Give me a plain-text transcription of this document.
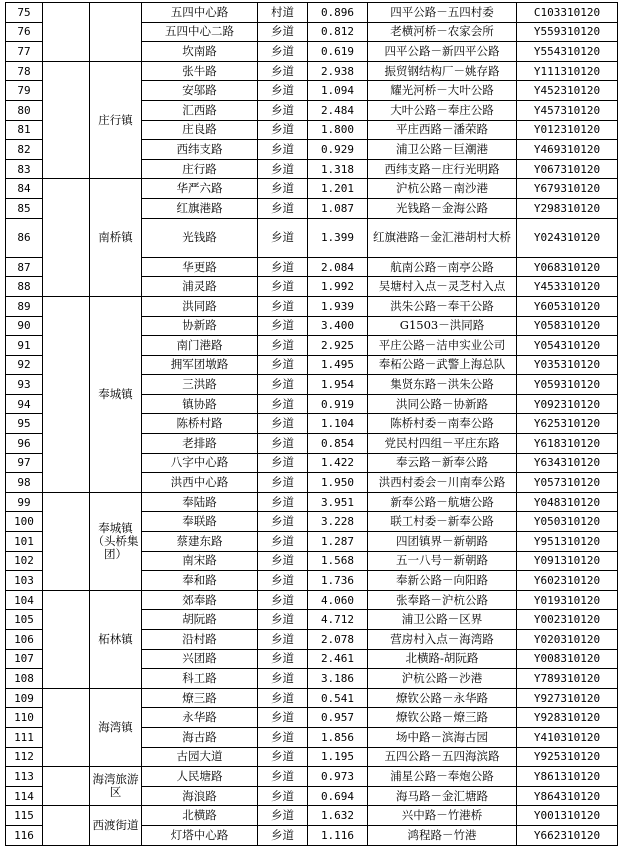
75			五四中心路	村道	0.896	四平公路－五四村委	C103310120
76			五四中心二路	乡道	0.812	老横河桥－农家会所	Y559310120
77			坎南路	乡道	0.619	四平公路－新四平公路	Y554310120
78		庄行镇	张牛路	乡道	2.938	振贸钢结构厂－姚存路	Y111310120
79			安邬路	乡道	1.094	耀光河桥－大叶公路	Y452310120
80			汇西路	乡道	2.484	大叶公路－奉庄公路	Y457310120
81			庄良路	乡道	1.800	平庄西路－潘荣路	Y012310120
82			西纬支路	乡道	0.929	浦卫公路－巨潮港	Y469310120
83			庄行路	乡道	1.318	西纬支路－庄行光明路	Y067310120
84		南桥镇	华严六路	乡道	1.201	沪杭公路－南沙港	Y679310120
85			红旗港路	乡道	1.087	光钱路－金海公路	Y298310120
86			光钱路	乡道	1.399	红旗港路－金汇港胡村大桥	Y024310120
87			华更路	乡道	2.084	航南公路－南亭公路	Y068310120
88			浦灵路	乡道	1.992	吴塘村入点－灵芝村入点	Y453310120
89		奉城镇	洪同路	乡道	1.939	洪朱公路－奉干公路	Y605310120
90			协新路	乡道	3.400	G1503－洪同路	Y058310120
91			南门港路	乡道	2.925	平庄公路－洁申实业公司	Y054310120
92			拥军团墩路	乡道	1.495	奉柘公路－武警上海总队	Y035310120
93			三洪路	乡道	1.954	集贤东路－洪朱公路	Y059310120
94			镇协路	乡道	0.919	洪同公路－协新路	Y092310120
95			陈桥村路	乡道	1.104	陈桥村委－南奉公路	Y625310120
96			老排路	乡道	0.854	党民村四组－平庄东路	Y618310120
97			八字中心路	乡道	1.422	奉云路－新奉公路	Y634310120
98			洪西中心路	乡道	1.950	洪西村委会－川南奉公路	Y057310120
99		奉城镇（头桥集团）	奉陆路	乡道	3.951	新奉公路－航塘公路	Y048310120
100			奉联路	乡道	3.228	联工村委－新奉公路	Y050310120
101			蔡建东路	乡道	1.287	四团镇界－新朝路	Y951310120
102			南宋路	乡道	1.568	五一八号－新朝路	Y091310120
103			奉和路	乡道	1.736	奉新公路－向阳路	Y602310120
104		柘林镇	郊奉路	乡道	4.060	张奉路－沪杭公路	Y019310120
105			胡阮路	乡道	4.712	浦卫公路－区界	Y002310120
106			沿村路	乡道	2.078	营房村入点－海湾路	Y020310120
107			兴团路	乡道	2.461	北横路-胡阮路	Y008310120
108			科工路	乡道	3.186	沪杭公路－沙港	Y789310120
109		海湾镇	燎三路	乡道	0.541	燎钦公路－永华路	Y927310120
110			永华路	乡道	0.957	燎钦公路－燎三路	Y928310120
111			海古路	乡道	1.856	场中路－滨海古园	Y410310120
112			古园大道	乡道	1.195	五四公路－五四海滨路	Y925310120
113		海湾旅游区	人民塘路	乡道	0.973	浦星公路－奉炮公路	Y861310120
114			海浪路	乡道	0.694	海马路－金汇塘路	Y864310120
115		西渡街道	北横路	乡道	1.632	兴中路－竹港桥	Y001310120
116			灯塔中心路	乡道	1.116	鸿程路－竹港	Y662310120
